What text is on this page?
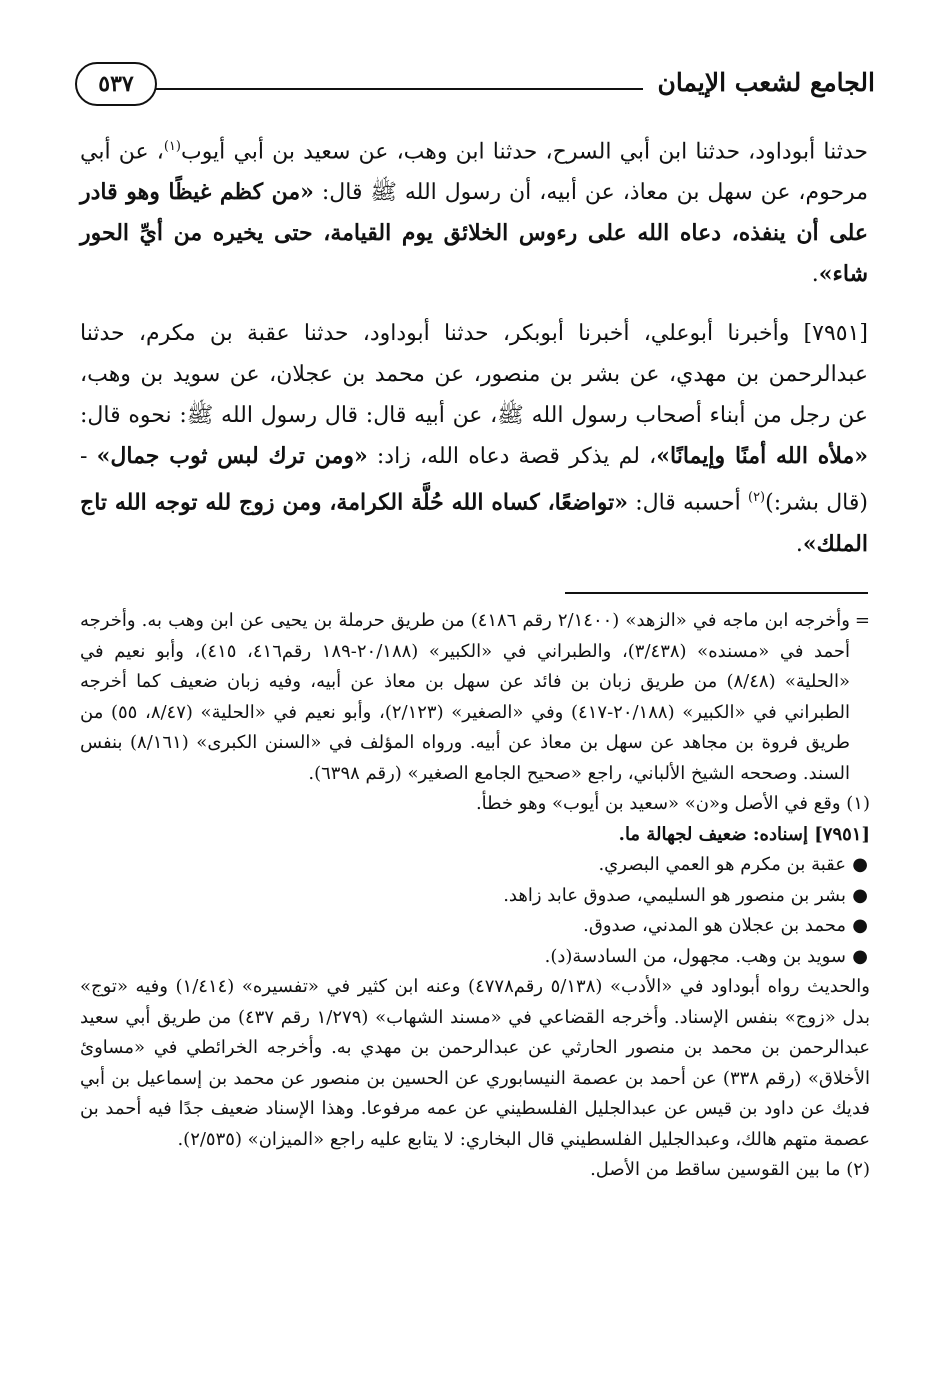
الجامع لشعب الإيمان
٥٣٧

حدثنا أبوداود، حدثنا ابن أبي السرح، حدثنا ابن وهب، عن سعيد بن أبي أيوب$^{(١)}$، عن أبي مرحوم، عن سهل بن معاذ، عن أبيه، أن رسول الله ﷺ قال: «من كظم غيظًا وهو قادر على أن ينفذه، دعاه الله على رءوس الخلائق يوم القيامة، حتى يخيره من أيِّ الحور شاء».

[٧٩٥١] وأخبرنا أبوعلي، أخبرنا أبوبكر، حدثنا أبوداود، حدثنا عقبة بن مكرم، حدثنا عبدالرحمن بن مهدي، عن بشر بن منصور، عن محمد بن عجلان، عن سويد بن وهب، عن رجل من أبناء أصحاب رسول الله ﷺ، عن أبيه قال: قال رسول الله ﷺ: نحوه قال: «ملأه الله أمنًا وإيمانًا»، لم يذكر قصة دعاه الله، زاد: «ومن ترك لبس ثوب جمال» - (قال بشر:)$^{(٢)}$ أحسبه قال: «تواضعًا، كساه الله حُلَّة الكرامة، ومن زوج لله توجه الله تاج الملك».

=
وأخرجه ابن ماجه في «الزهد» (٢/١٤٠٠ رقم ٤١٨٦) من طريق حرملة بن يحيى عن ابن وهب به. وأخرجه أحمد في «مسنده» (٣/٤٣٨)، والطبراني في «الكبير» (٢٠/١٨٨-١٨٩ رقم٤١٦، ٤١٥)، وأبو نعيم في «الحلية» (٨/٤٨) من طريق زبان بن فائد عن سهل بن معاذ عن أبيه، وفيه زبان ضعيف كما أخرجه الطبراني في «الكبير» (٢٠/١٨٨-٤١٧) وفي «الصغير» (٢/١٢٣)، وأبو نعيم في «الحلية» (٨/٤٧، ٥٥) من طريق فروة بن مجاهد عن سهل بن معاذ عن أبيه. ورواه المؤلف في «السنن الكبرى» (٨/١٦١) بنفس السند. وصححه الشيخ الألباني، راجع «صحيح الجامع الصغير» (رقم ٦٣٩٨).

(١) وقع في الأصل و«ن» «سعيد بن أيوب» وهو خطأ.

[٧٩٥١] إسناده: ضعيف لجهالة ما.

●
عقبة بن مكرم هو العمي البصري.
●
بشر بن منصور هو السليمي، صدوق عابد زاهد.
●
محمد بن عجلان هو المدني، صدوق.
●
سويد بن وهب. مجهول، من السادسة(د).

والحديث رواه أبوداود في «الأدب» (٥/١٣٨ رقم٤٧٧٨) وعنه ابن كثير في «تفسيره» (١/٤١٤) وفيه «توج» بدل «زوج» بنفس الإسناد. وأخرجه القضاعي في «مسند الشهاب» (١/٢٧٩ رقم ٤٣٧) من طريق أبي سعيد عبدالرحمن بن محمد بن منصور الحارثي عن عبدالرحمن بن مهدي به. وأخرجه الخرائطي في «مساوئ الأخلاق» (رقم ٣٣٨) عن أحمد بن عصمة النيسابوري عن الحسين بن منصور عن محمد بن إسماعيل بن أبي فديك عن داود بن قيس عن عبدالجليل الفلسطيني عن عمه مرفوعا. وهذا الإسناد ضعيف جدًا فيه أحمد بن عصمة متهم هالك، وعبدالجليل الفلسطيني قال البخاري: لا يتابع عليه راجع «الميزان» (٢/٥٣٥).

(٢) ما بين القوسين ساقط من الأصل.
